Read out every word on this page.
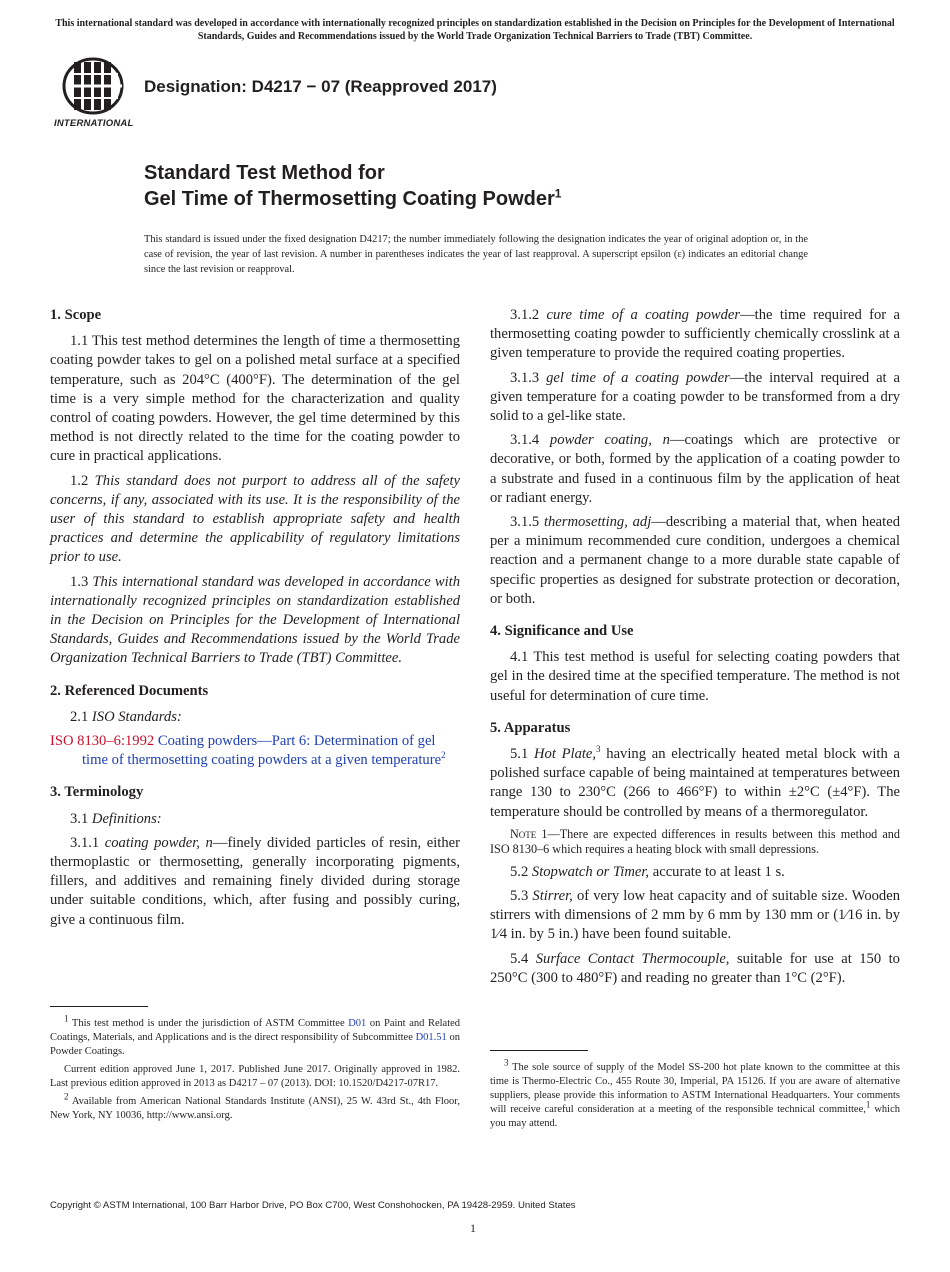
This international standard was developed in accordance with internationally recognized principles on standardization established in the Decision on Principles for the Development of International Standards, Guides and Recommendations issued by the World Trade Organization Technical Barriers to Trade (TBT) Committee.
INTERNATIONAL
Designation: D4217 − 07 (Reapproved 2017)
Standard Test Method for
Gel Time of Thermosetting Coating Powder$^1$
This standard is issued under the fixed designation D4217; the number immediately following the designation indicates the year of original adoption or, in the case of revision, the year of last revision. A number in parentheses indicates the year of last reapproval. A superscript epsilon (ε) indicates an editorial change since the last revision or reapproval.
1. Scope

1.1 This test method determines the length of time a thermosetting coating powder takes to gel on a polished metal surface at a specified temperature, such as 204°C (400°F). The determination of the gel time is a very simple method for the characterization and quality control of coating powders. However, the gel time determined by this method is not directly related to the time for the coating powder to cure in practical applications.

1.2 This standard does not purport to address all of the safety concerns, if any, associated with its use. It is the responsibility of the user of this standard to establish appropriate safety and health practices and determine the applicability of regulatory limitations prior to use.

1.3 This international standard was developed in accordance with internationally recognized principles on standardization established in the Decision on Principles for the Development of International Standards, Guides and Recommendations issued by the World Trade Organization Technical Barriers to Trade (TBT) Committee.

2. Referenced Documents

2.1 ISO Standards:

ISO 8130–6:1992 Coating powders—Part 6: Determination of gel time of thermosetting coating powders at a given temperature$^2$

3. Terminology

3.1 Definitions:

3.1.1 coating powder, n—finely divided particles of resin, either thermoplastic or thermosetting, generally incorporating pigments, fillers, and additives and remaining finely divided during storage under suitable conditions, which, after fusing and possibly curing, give a continuous film.

$^1$ This test method is under the jurisdiction of ASTM Committee D01 on Paint and Related Coatings, Materials, and Applications and is the direct responsibility of Subcommittee D01.51 on Powder Coatings.

Current edition approved June 1, 2017. Published June 2017. Originally approved in 1982. Last previous edition approved in 2013 as D4217 – 07 (2013). DOI: 10.1520/D4217-07R17.

$^2$ Available from American National Standards Institute (ANSI), 25 W. 43rd St., 4th Floor, New York, NY 10036, http://www.ansi.org.

3.1.2 cure time of a coating powder—the time required for a thermosetting coating powder to sufficiently chemically crosslink at a given temperature to provide the required coating properties.

3.1.3 gel time of a coating powder—the interval required at a given temperature for a coating powder to be transformed from a dry solid to a gel-like state.

3.1.4 powder coating, n—coatings which are protective or decorative, or both, formed by the application of a coating powder to a substrate and fused in a continuous film by the application of heat or radiant energy.

3.1.5 thermosetting, adj—describing a material that, when heated per a minimum recommended cure condition, undergoes a chemical reaction and a permanent change to a more durable state capable of specific properties as designed for substrate protection or decoration, or both.

4. Significance and Use

4.1 This test method is useful for selecting coating powders that gel in the desired time at the specified temperature. The method is not useful for determination of cure time.

5. Apparatus

5.1 Hot Plate,$^3$ having an electrically heated metal block with a polished surface capable of being maintained at temperatures between range 130 to 230°C (266 to 466°F) to within ±2°C (±4°F). The temperature should be controlled by means of a thermoregulator.

Note 1—There are expected differences in results between this method and ISO 8130–6 which requires a heating block with small depressions.

5.2 Stopwatch or Timer, accurate to at least 1 s.

5.3 Stirrer, of very low heat capacity and of suitable size. Wooden stirrers with dimensions of 2 mm by 6 mm by 130 mm or (1⁄16 in. by 1⁄4 in. by 5 in.) have been found suitable.

5.4 Surface Contact Thermocouple, suitable for use at 150 to 250°C (300 to 480°F) and reading no greater than 1°C (2°F).

$^3$ The sole source of supply of the Model SS-200 hot plate known to the committee at this time is Thermo-Electric Co., 455 Route 30, Imperial, PA 15126. If you are aware of alternative suppliers, please provide this information to ASTM International Headquarters. Your comments will receive careful consideration at a meeting of the responsible technical committee,$^1$ which you may attend.

Copyright © ASTM International, 100 Barr Harbor Drive, PO Box C700, West Conshohocken, PA 19428-2959. United States
1
